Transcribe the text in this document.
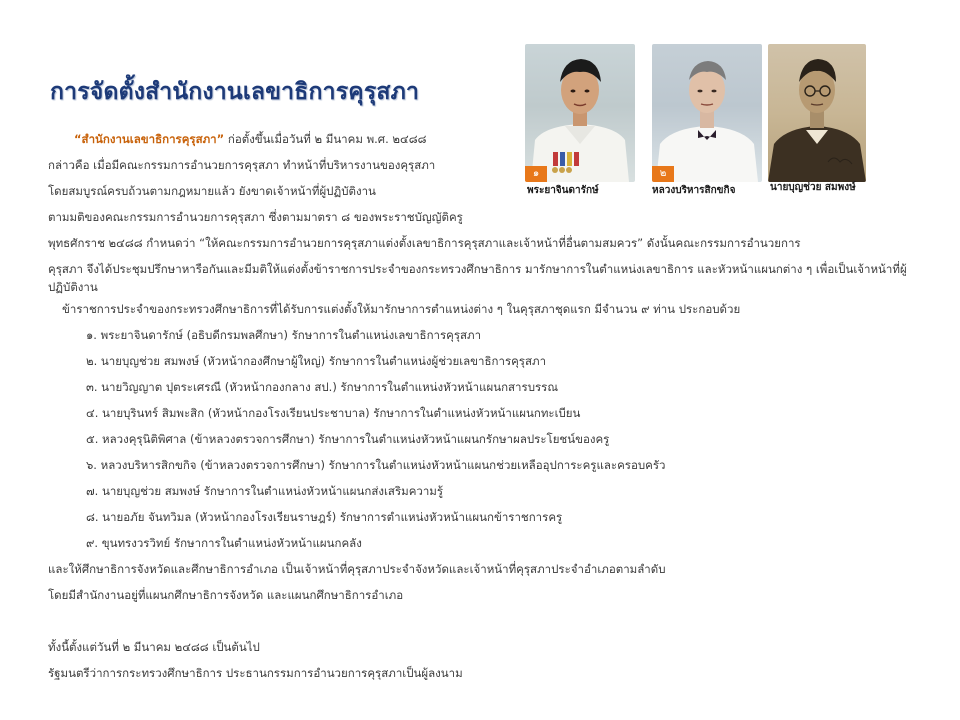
การจัดตั้งสำนักงานเลขาธิการคุรุสภา

“สำนักงานเลขาธิการคุรุสภา” ก่อตั้งขึ้นเมื่อวันที่ ๒ มีนาคม พ.ศ. ๒๔๘๘
กล่าวคือ เมื่อมีคณะกรรมการอำนวยการคุรุสภา ทำหน้าที่บริหารงานของคุรุสภา
โดยสมบูรณ์ครบถ้วนตามกฎหมายแล้ว ยังขาดเจ้าหน้าที่ผู้ปฏิบัติงาน
ตามมติของคณะกรรมการอำนวยการคุรุสภา ซึ่งตามมาตรา ๘ ของพระราชบัญญัติครู

๑	๒
พระยาจินดารักษ์	หลวงบริหารสิกขกิจ	นายบุญช่วย สมพงษ์
พุทธศักราช ๒๔๘๘ กำหนดว่า “ให้คณะกรรมการอำนวยการคุรุสภาแต่งตั้งเลขาธิการคุรุสภาและเจ้าหน้าที่อื่นตามสมควร” ดังนั้นคณะกรรมการอำนวยการ
คุรุสภา จึงได้ประชุมปรึกษาหารือกันและมีมติให้แต่งตั้งข้าราชการประจำของกระทรวงศึกษาธิการ มารักษาการในตำแหน่งเลขาธิการ และหัวหน้าแผนกต่าง ๆ เพื่อเป็นเจ้าหน้าที่ผู้ปฏิบัติงาน
ข้าราชการประจำของกระทรวงศึกษาธิการที่ได้รับการแต่งตั้งให้มารักษาการตำแหน่งต่าง ๆ ในคุรุสภาชุดแรก มีจำนวน ๙ ท่าน ประกอบด้วย
๑. พระยาจินดารักษ์ (อธิบดีกรมพลศึกษา) รักษาการในตำแหน่งเลขาธิการคุรุสภา
๒. นายบุญช่วย สมพงษ์ (หัวหน้ากองศึกษาผู้ใหญ่) รักษาการในตำแหน่งผู้ช่วยเลขาธิการคุรุสภา
๓. นายวิญญาต ปุตระเศรณี (หัวหน้ากองกลาง สป.) รักษาการในตำแหน่งหัวหน้าแผนกสารบรรณ
๔. นายบุรินทร์ สิมพะสิก (หัวหน้ากองโรงเรียนประชาบาล) รักษาการในตำแหน่งหัวหน้าแผนกทะเบียน
๕. หลวงคุรุนิติพิศาล (ข้าหลวงตรวจการศึกษา) รักษาการในตำแหน่งหัวหน้าแผนกรักษาผลประโยชน์ของครู
๖. หลวงบริหารสิกขกิจ (ข้าหลวงตรวจการศึกษา) รักษาการในตำแหน่งหัวหน้าแผนกช่วยเหลืออุปการะครูและครอบครัว
๗. นายบุญช่วย สมพงษ์ รักษาการในตำแหน่งหัวหน้าแผนกส่งเสริมความรู้
๘. นายอภัย จันทวิมล (หัวหน้ากองโรงเรียนราษฎร์) รักษาการตำแหน่งหัวหน้าแผนกข้าราชการครู
๙. ขุนทรงวรวิทย์ รักษาการในตำแหน่งหัวหน้าแผนกคลัง
และให้ศึกษาธิการจังหวัดและศึกษาธิการอำเภอ เป็นเจ้าหน้าที่คุรุสภาประจำจังหวัดและเจ้าหน้าที่คุรุสภาประจำอำเภอตามลำดับ
โดยมีสำนักงานอยู่ที่แผนกศึกษาธิการจังหวัด และแผนกศึกษาธิการอำเภอ
ทั้งนี้ตั้งแต่วันที่ ๒ มีนาคม ๒๔๘๘ เป็นต้นไป
รัฐมนตรีว่าการกระทรวงศึกษาธิการ ประธานกรรมการอำนวยการคุรุสภาเป็นผู้ลงนาม
